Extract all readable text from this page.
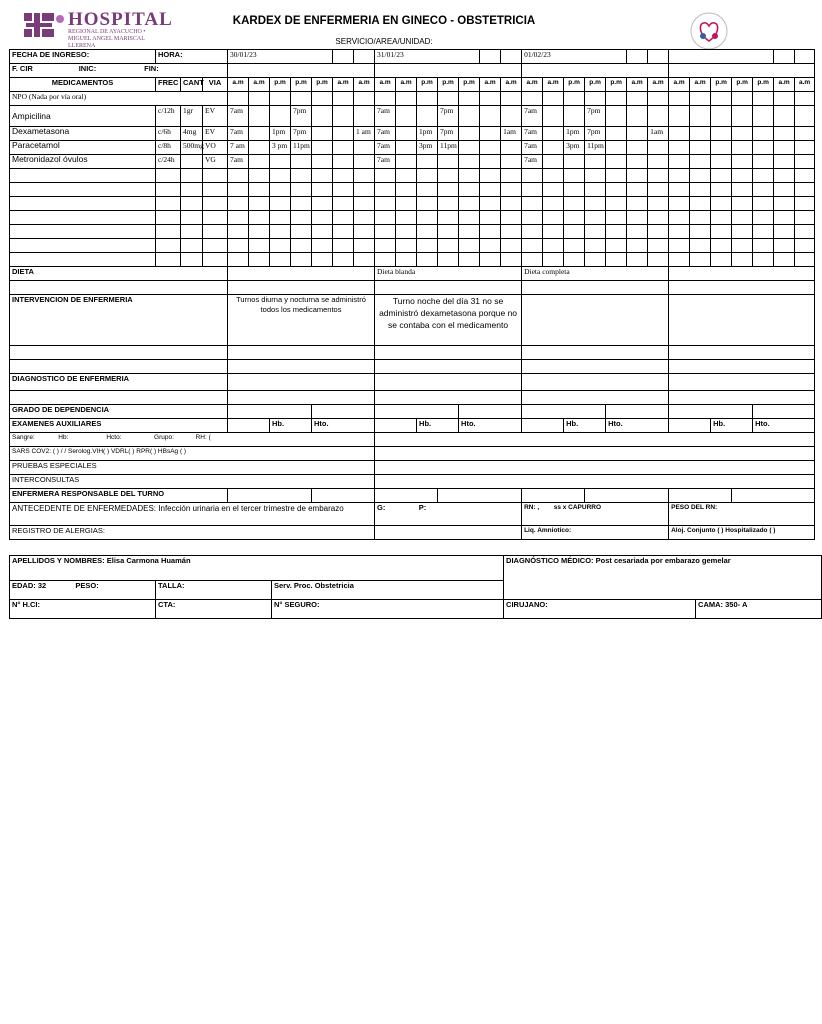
HOSPITAL
REGIONAL DE AYACUCHO • MIGUEL ANGEL MARISCAL LLERENA
KARDEX DE ENFERMERIA EN GINECO - OBSTETRICIA
SERVICIO/AREA/UNIDAD:
FECHA DE INGRESO:	HORA:			30/01/23							31/01/23							01/02/23													
F. CIR INIC: FIN:																															
MEDICAMENTOS	FREC	CANT	VIA	a.m	a.m	p.m	p.m	p.m	a.m	a.m	a.m	a.m	p.m	p.m	p.m	a.m	a.m	a.m	a.m	p.m	p.m	p.m	a.m	a.m	a.m	a.m	p.m	p.m	p.m	a.m	a.m
NPO (Nada por vía oral)																															
Ampicilina	c/12h	1gr	EV	7am			7pm				7am			7pm				7am			7pm										
Dexametasona	c/6h	4mg	EV	7am		1pm	7pm			1 am	7am		1pm	7pm			1am	7am		1pm	7pm			1am							
Paracetamol	c/8h	500mg	VO	7 am		3 pm	11pm				7am		3pm	11pm				7am		3pm	11pm										
Metronidazol óvulos	c/24h		VG	7am							7am							7am													

DIETA											Dieta blanda							Dieta completa													

INTERVENCION DE ENFERMERIA				Turnos diurna y nocturna se administró todos los medicamentos							Turno noche del día 31 no se administró dexametasona porque no se contaba con el medicamento																				

DIAGNOSTICO DE ENFERMERIA																															

GRADO DE DEPENDENCIA																															
EXAMENES AUXILIARES						Hb.		Hto.					Hb.		Hto.					Hb.		Hto.					Hb.		Hto.		
Sangre: Hb: Hcto: Grupo: RH: (																															
SARS COV2: ( ) / / Serolog.VIH( ) VDRL( ) RPR( ) HBsAg ( )																															
PRUEBAS ESPECIALES																															
INTERCONSULTAS																															
ENFERMERA RESPONSABLE DEL TURNO																															
ANTECEDENTE DE ENFERMEDADES: Infección urinaria en el tercer trimestre de embarazo											G: P:							RN: , ss x CAPURRO							PESO DEL RN:						
REGISTRO DE ALERGIAS:																		Liq. Amniotico:							Aloj. Conjunto ( ) Hospitalizado ( )						
APELLIDOS Y NOMBRES: Elisa Carmona Huamán			DIAGNÓSTICO MÉDICO: Post cesariada por embarazo gemelar	
EDAD: 32 PESO:	TALLA:	Serv. Proc. Obstetricia		
N° H.CI:	CTA:	N° SEGURO:	CIRUJANO:	CAMA: 350- A
